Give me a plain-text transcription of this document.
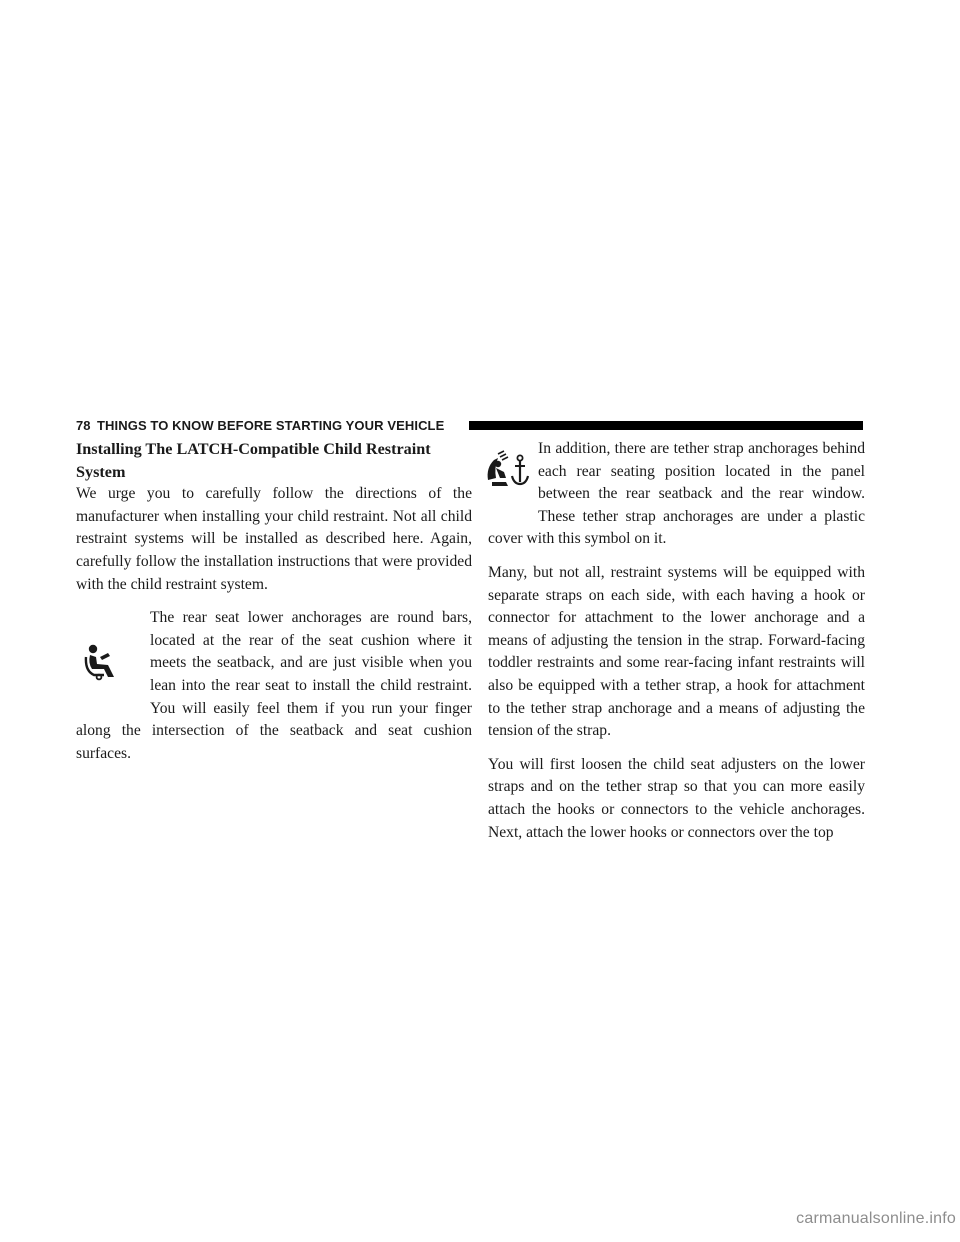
78 THINGS TO KNOW BEFORE STARTING YOUR VEHICLE
Installing The LATCH-Compatible Child Restraint System

We urge you to carefully follow the directions of the manufacturer when installing your child restraint. Not all child restraint systems will be installed as described here. Again, carefully follow the installation instructions that were provided with the child restraint system.

The rear seat lower anchorages are round bars, located at the rear of the seat cushion where it meets the seatback, and are just visible when you lean into the rear seat to install the child restraint. You will easily feel them if you run your finger along the intersection of the seatback and seat cushion surfaces.

In addition, there are tether strap anchorages behind each rear seating position located in the panel between the rear seatback and the rear window. These tether strap anchorages are under a plastic cover with this symbol on it.

Many, but not all, restraint systems will be equipped with separate straps on each side, with each having a hook or connector for attachment to the lower anchorage and a means of adjusting the tension in the strap. Forward-facing toddler restraints and some rear-facing infant restraints will also be equipped with a tether strap, a hook for attachment to the tether strap anchorage and a means of adjusting the tension of the strap.

You will first loosen the child seat adjusters on the lower straps and on the tether strap so that you can more easily attach the hooks or connectors to the vehicle anchorages. Next, attach the lower hooks or connectors over the top

carmanualsonline.info
